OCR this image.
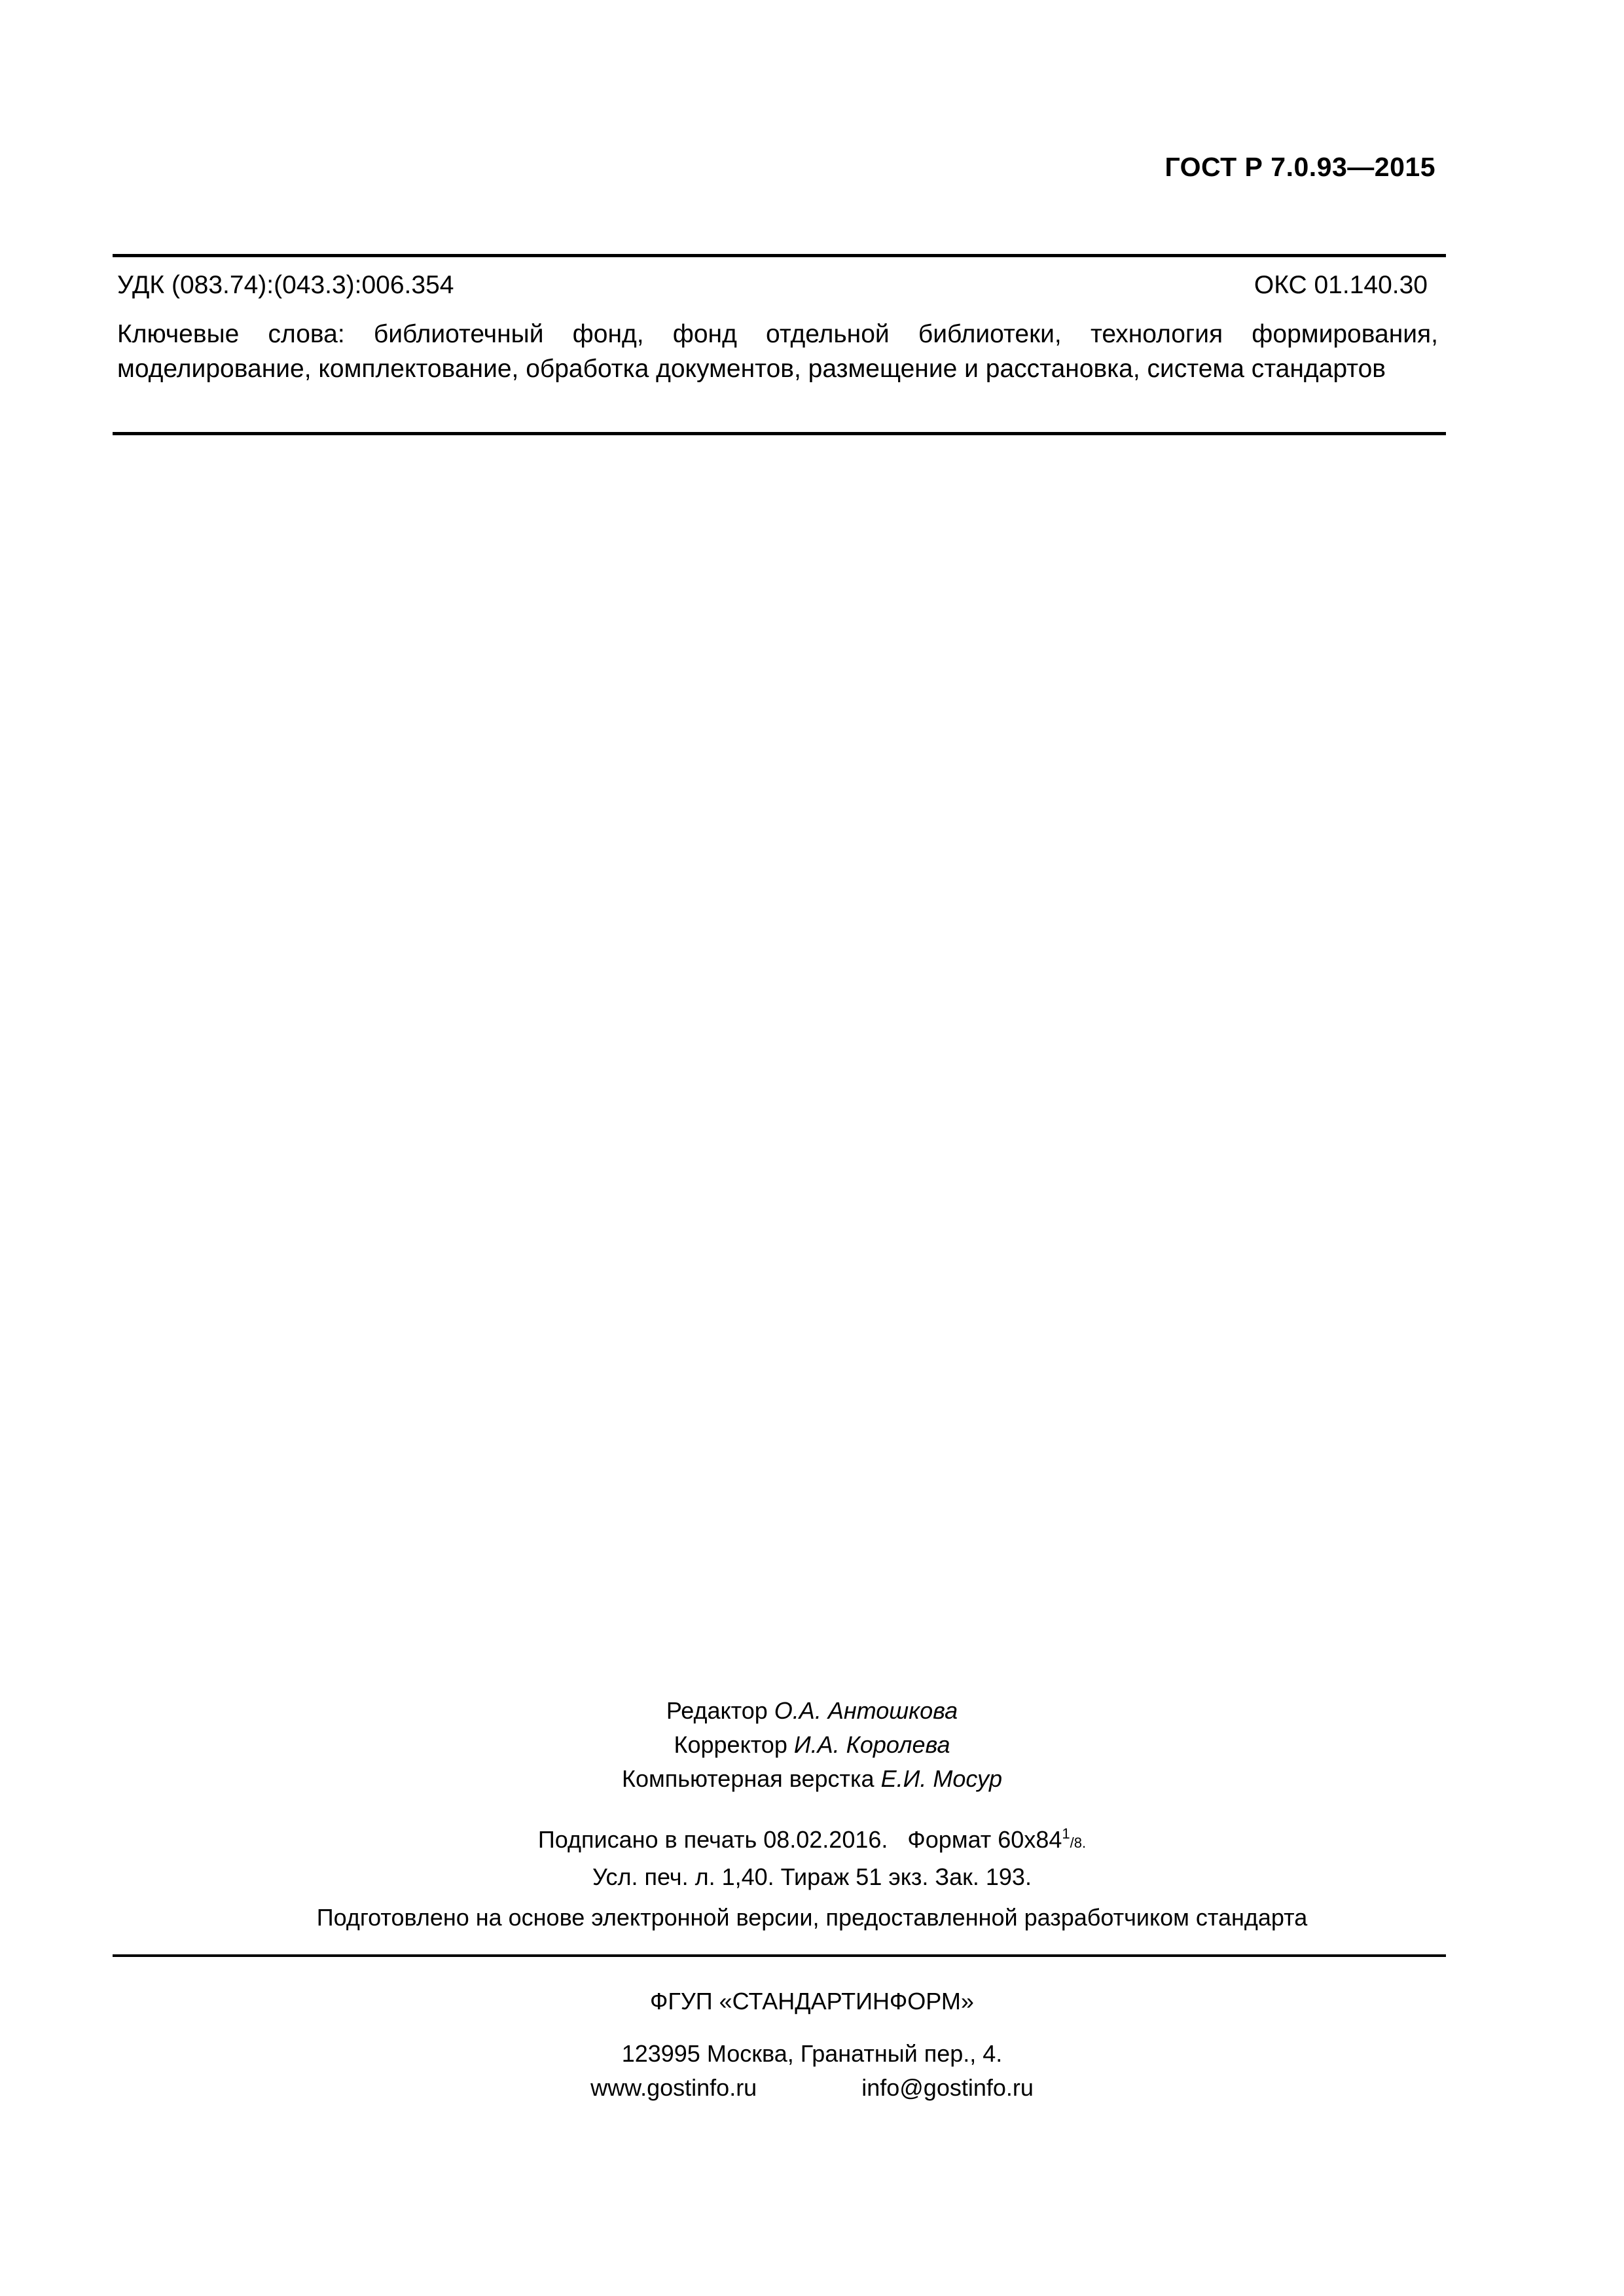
ГОСТ Р 7.0.93—2015
УДК (083.74):(043.3):006.354	ОКС 01.140.30
Ключевые слова: библиотечный фонд, фонд отдельной библиотеки, технология формирования, моделирование, комплектование, обработка документов, размещение и расстановка, система стандартов
Редактор О.А. Антошкова
Корректор И.А. Королева
Компьютерная верстка Е.И. Мосур
Подписано в печать 08.02.2016. Формат $60x84^1/8$.
Усл. печ. л. 1,40. Тираж 51 экз. Зак. 193.
Подготовлено на основе электронной версии, предоставленной разработчиком стандарта
ФГУП «СТАНДАРТИНФОРМ»
123995 Москва, Гранатный пер., 4.
www.gostinfo.ru	info@gostinfo.ru
